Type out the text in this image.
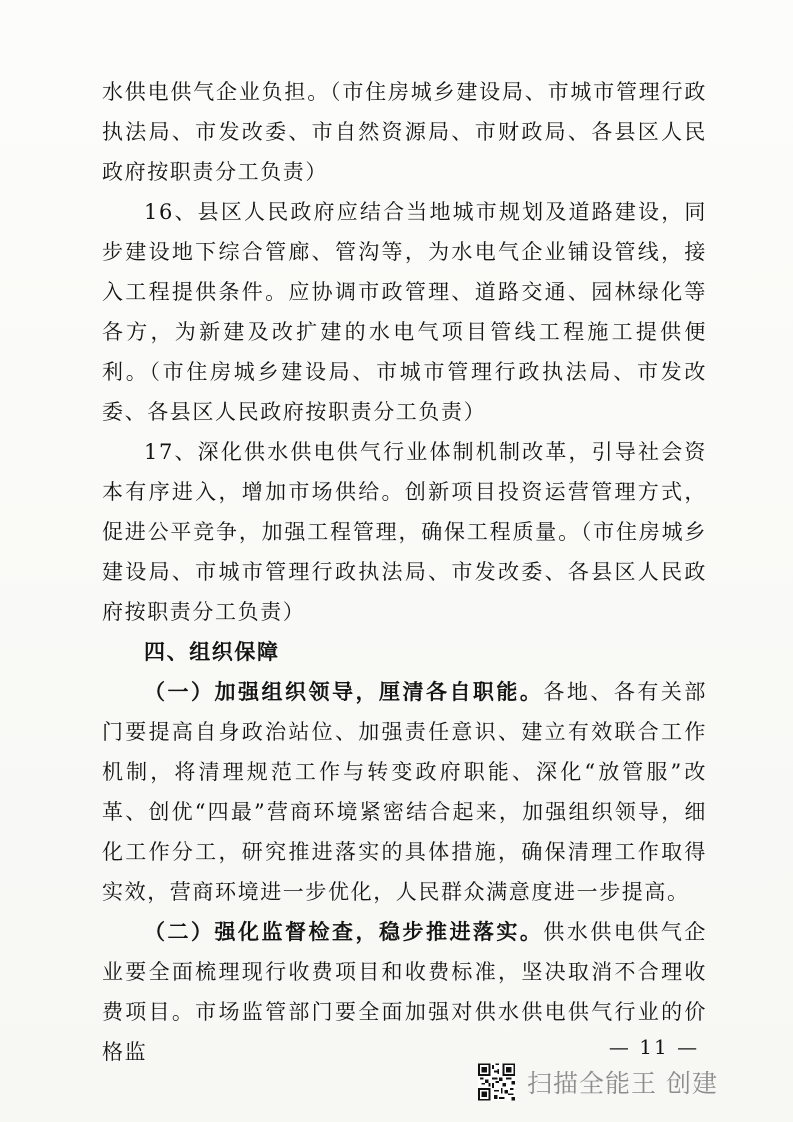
水供电供气企业负担。（市住房城乡建设局、市城市管理行政执法局、市发改委、市自然资源局、市财政局、各县区人民政府按职责分工负责）

16、县区人民政府应结合当地城市规划及道路建设，同步建设地下综合管廊、管沟等，为水电气企业铺设管线，接入工程提供条件。应协调市政管理、道路交通、园林绿化等各方，为新建及改扩建的水电气项目管线工程施工提供便利。（市住房城乡建设局、市城市管理行政执法局、市发改委、各县区人民政府按职责分工负责）

17、深化供水供电供气行业体制机制改革，引导社会资本有序进入，增加市场供给。创新项目投资运营管理方式，促进公平竞争，加强工程管理，确保工程质量。（市住房城乡建设局、市城市管理行政执法局、市发改委、各县区人民政府按职责分工负责）

四、组织保障

（一）加强组织领导，厘清各自职能。各地、各有关部门要提高自身政治站位、加强责任意识、建立有效联合工作机制，将清理规范工作与转变政府职能、深化“放管服”改革、创优“四最”营商环境紧密结合起来，加强组织领导，细化工作分工，研究推进落实的具体措施，确保清理工作取得实效，营商环境进一步优化，人民群众满意度进一步提高。

（二）强化监督检查，稳步推进落实。供水供电供气企业要全面梳理现行收费项目和收费标准，坚决取消不合理收费项目。市场监管部门要全面加强对供水供电供气行业的价格监	— 11 —
扫描全能王 创建
